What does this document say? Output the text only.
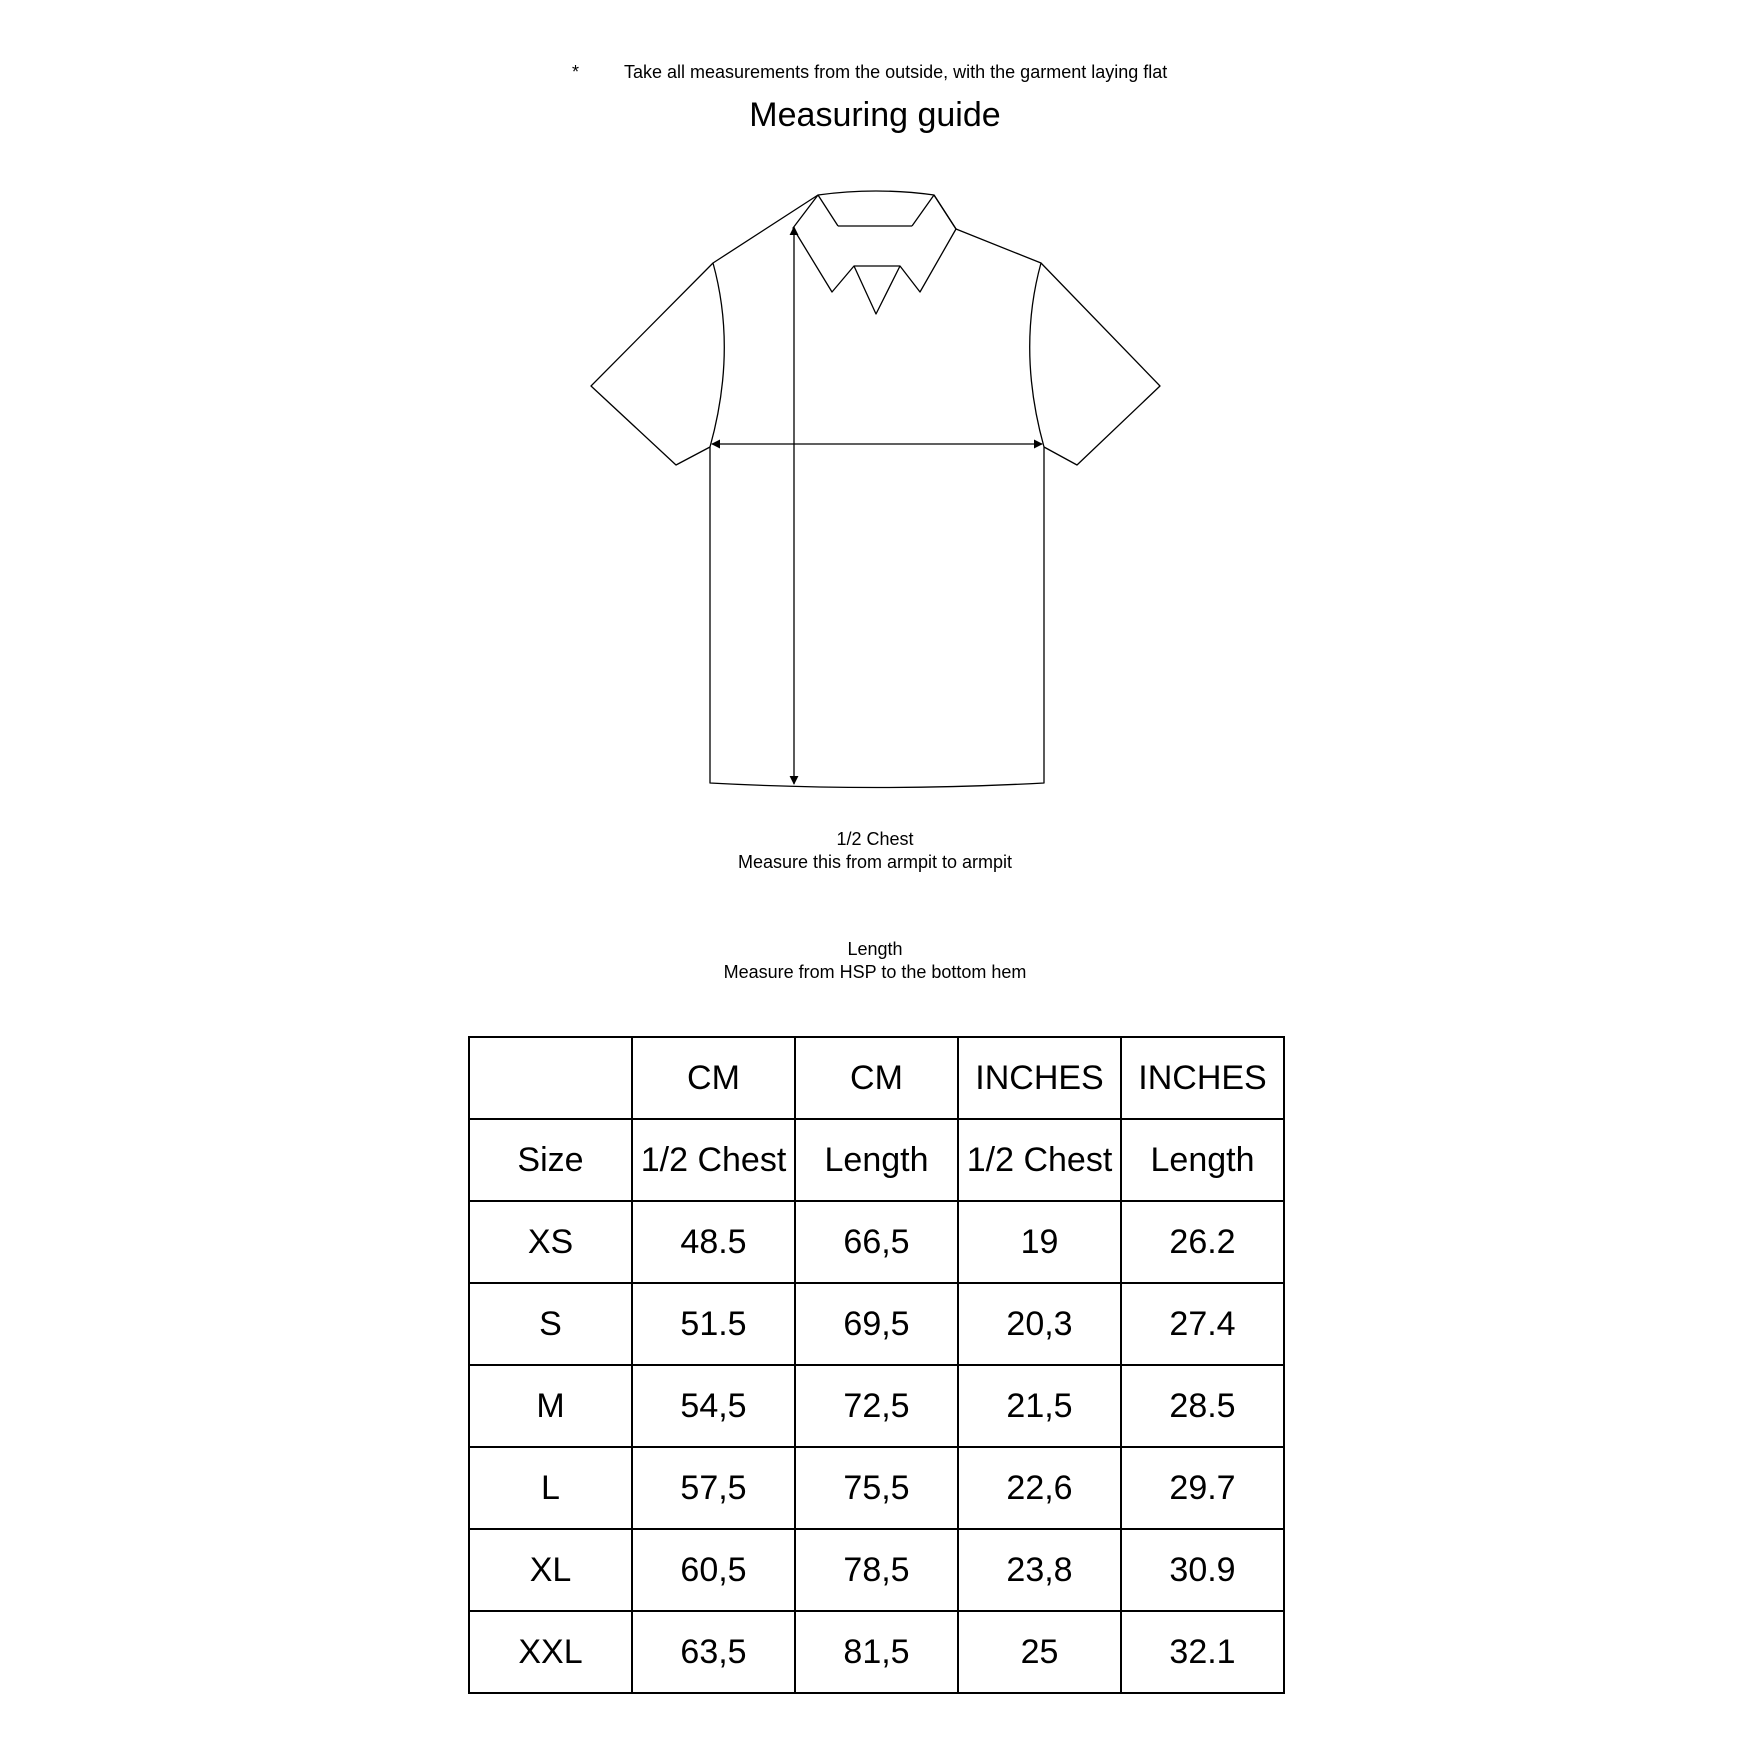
* Take all measurements from the outside, with the garment laying flat
Measuring guide
1/2 Chest
Measure this from armpit to armpit
Length
Measure from HSP to the bottom hem
	CM	CM	INCHES	INCHES
Size	1/2 Chest	Length	1/2 Chest	Length
XS	48.5	66,5	19	26.2
S	51.5	69,5	20,3	27.4
M	54,5	72,5	21,5	28.5
L	57,5	75,5	22,6	29.7
XL	60,5	78,5	23,8	30.9
XXL	63,5	81,5	25	32.1
